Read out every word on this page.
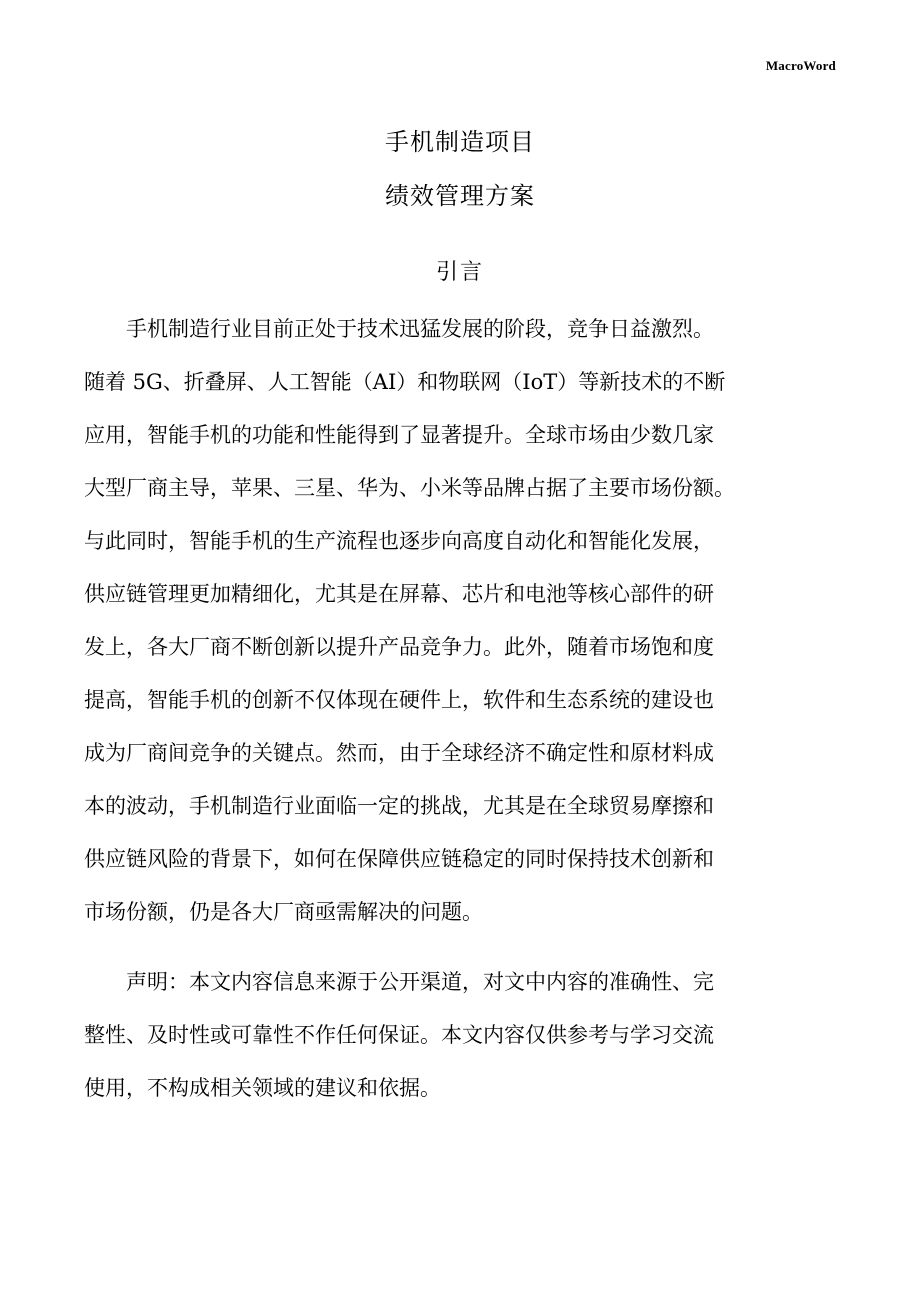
MacroWord
手机制造项目
绩效管理方案
引言
　　手机制造行业目前正处于技术迅猛发展的阶段，竞争日益激烈。
随着 5G、折叠屏、人工智能（AI）和物联网（IoT）等新技术的不断
应用，智能手机的功能和性能得到了显著提升。全球市场由少数几家
大型厂商主导，苹果、三星、华为、小米等品牌占据了主要市场份额。
与此同时，智能手机的生产流程也逐步向高度自动化和智能化发展，
供应链管理更加精细化，尤其是在屏幕、芯片和电池等核心部件的研
发上，各大厂商不断创新以提升产品竞争力。此外，随着市场饱和度
提高，智能手机的创新不仅体现在硬件上，软件和生态系统的建设也
成为厂商间竞争的关键点。然而，由于全球经济不确定性和原材料成
本的波动，手机制造行业面临一定的挑战，尤其是在全球贸易摩擦和
供应链风险的背景下，如何在保障供应链稳定的同时保持技术创新和
市场份额，仍是各大厂商亟需解决的问题。
　　声明：本文内容信息来源于公开渠道，对文中内容的准确性、完
整性、及时性或可靠性不作任何保证。本文内容仅供参考与学习交流
使用，不构成相关领域的建议和依据。
